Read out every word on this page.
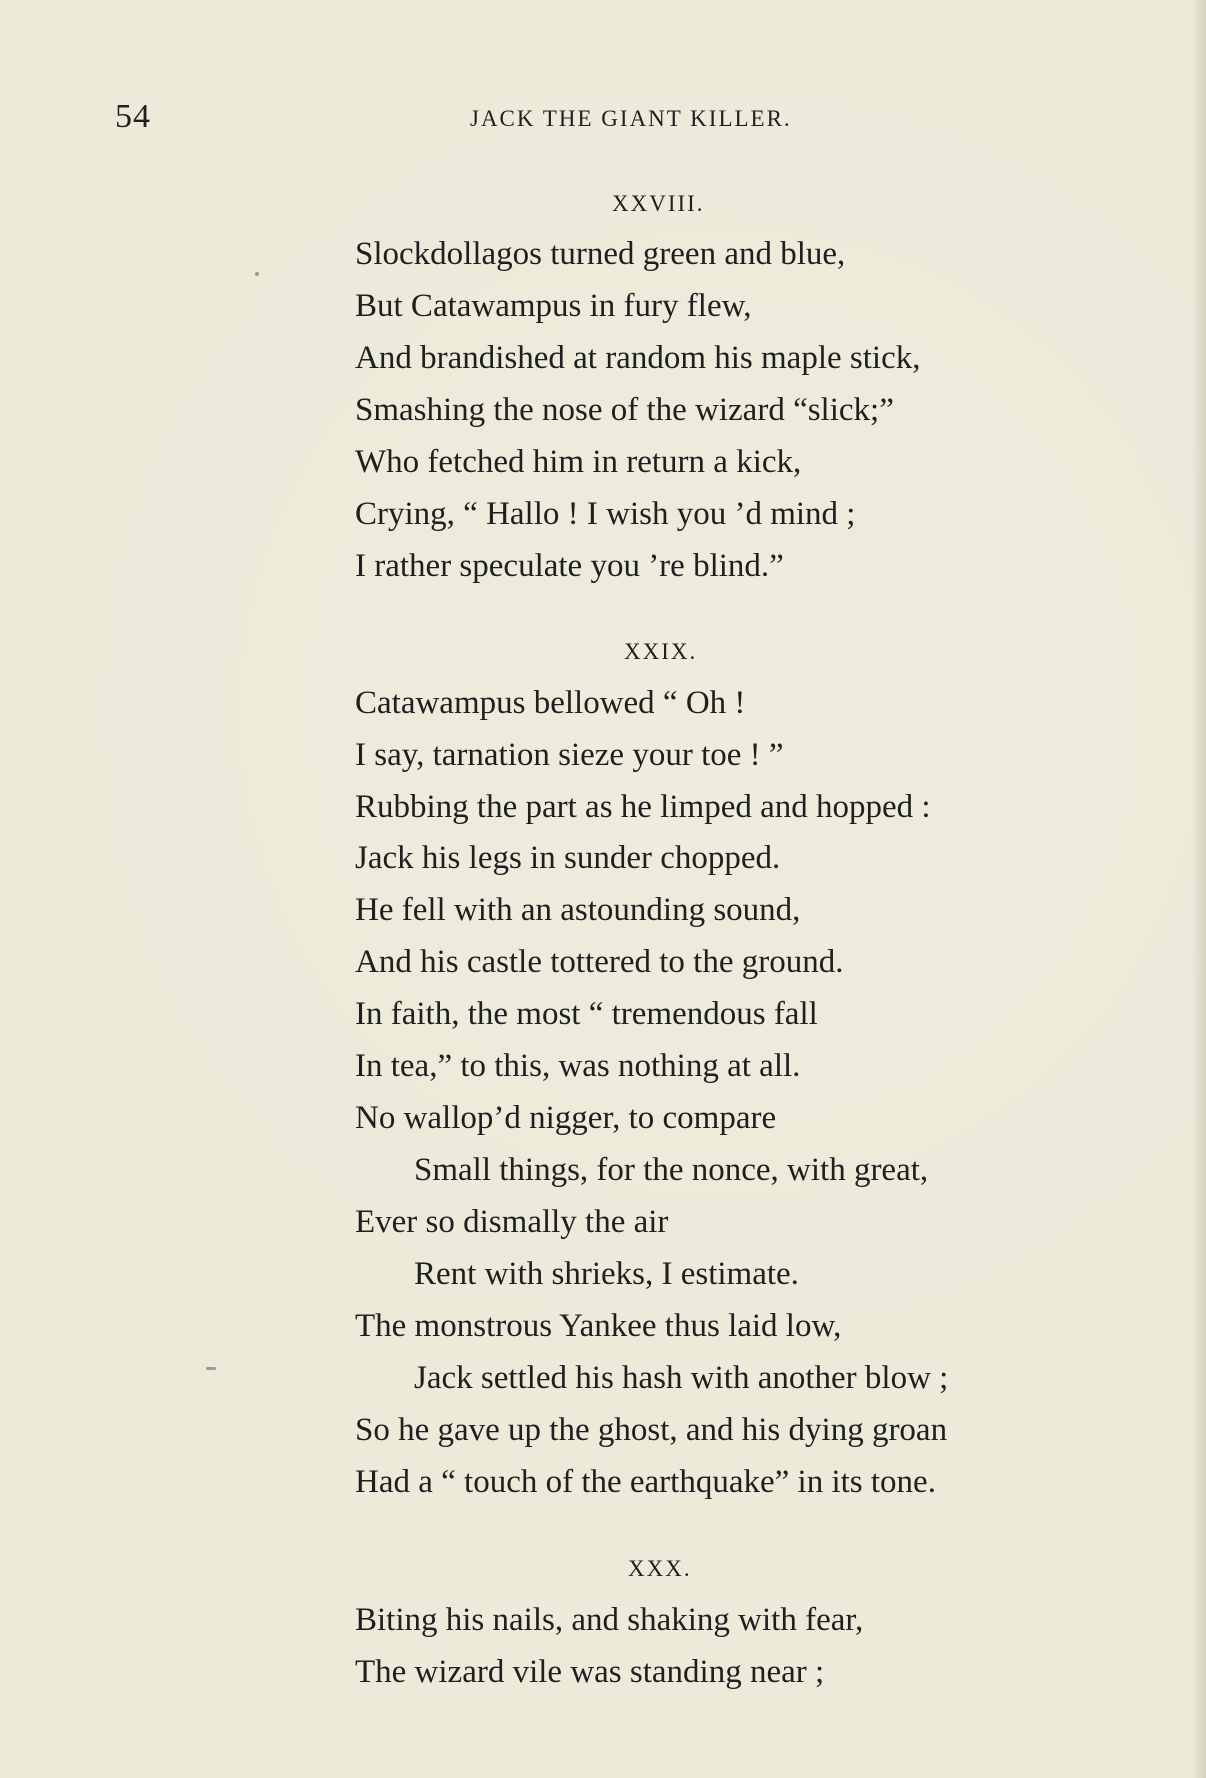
54	JACK THE GIANT KILLER.
XXVIII.
Slockdollagos turned green and blue,
But Catawampus in fury flew,
And brandished at random his maple stick,
Smashing the nose of the wizard “slick;”
Who fetched him in return a kick,
Crying, “ Hallo ! I wish you ’d mind ;
I rather speculate you ’re blind.”
XXIX.
Catawampus bellowed “ Oh !
I say, tarnation sieze your toe ! ”
Rubbing the part as he limped and hopped :
Jack his legs in sunder chopped.
He fell with an astounding sound,
And his castle tottered to the ground.
In faith, the most “ tremendous fall
In tea,” to this, was nothing at all.
No wallop’d nigger, to compare
Small things, for the nonce, with great,
Ever so dismally the air
Rent with shrieks, I estimate.
The monstrous Yankee thus laid low,
Jack settled his hash with another blow ;
So he gave up the ghost, and his dying groan
Had a “ touch of the earthquake” in its tone.
XXX.
Biting his nails, and shaking with fear,
The wizard vile was standing near ;
